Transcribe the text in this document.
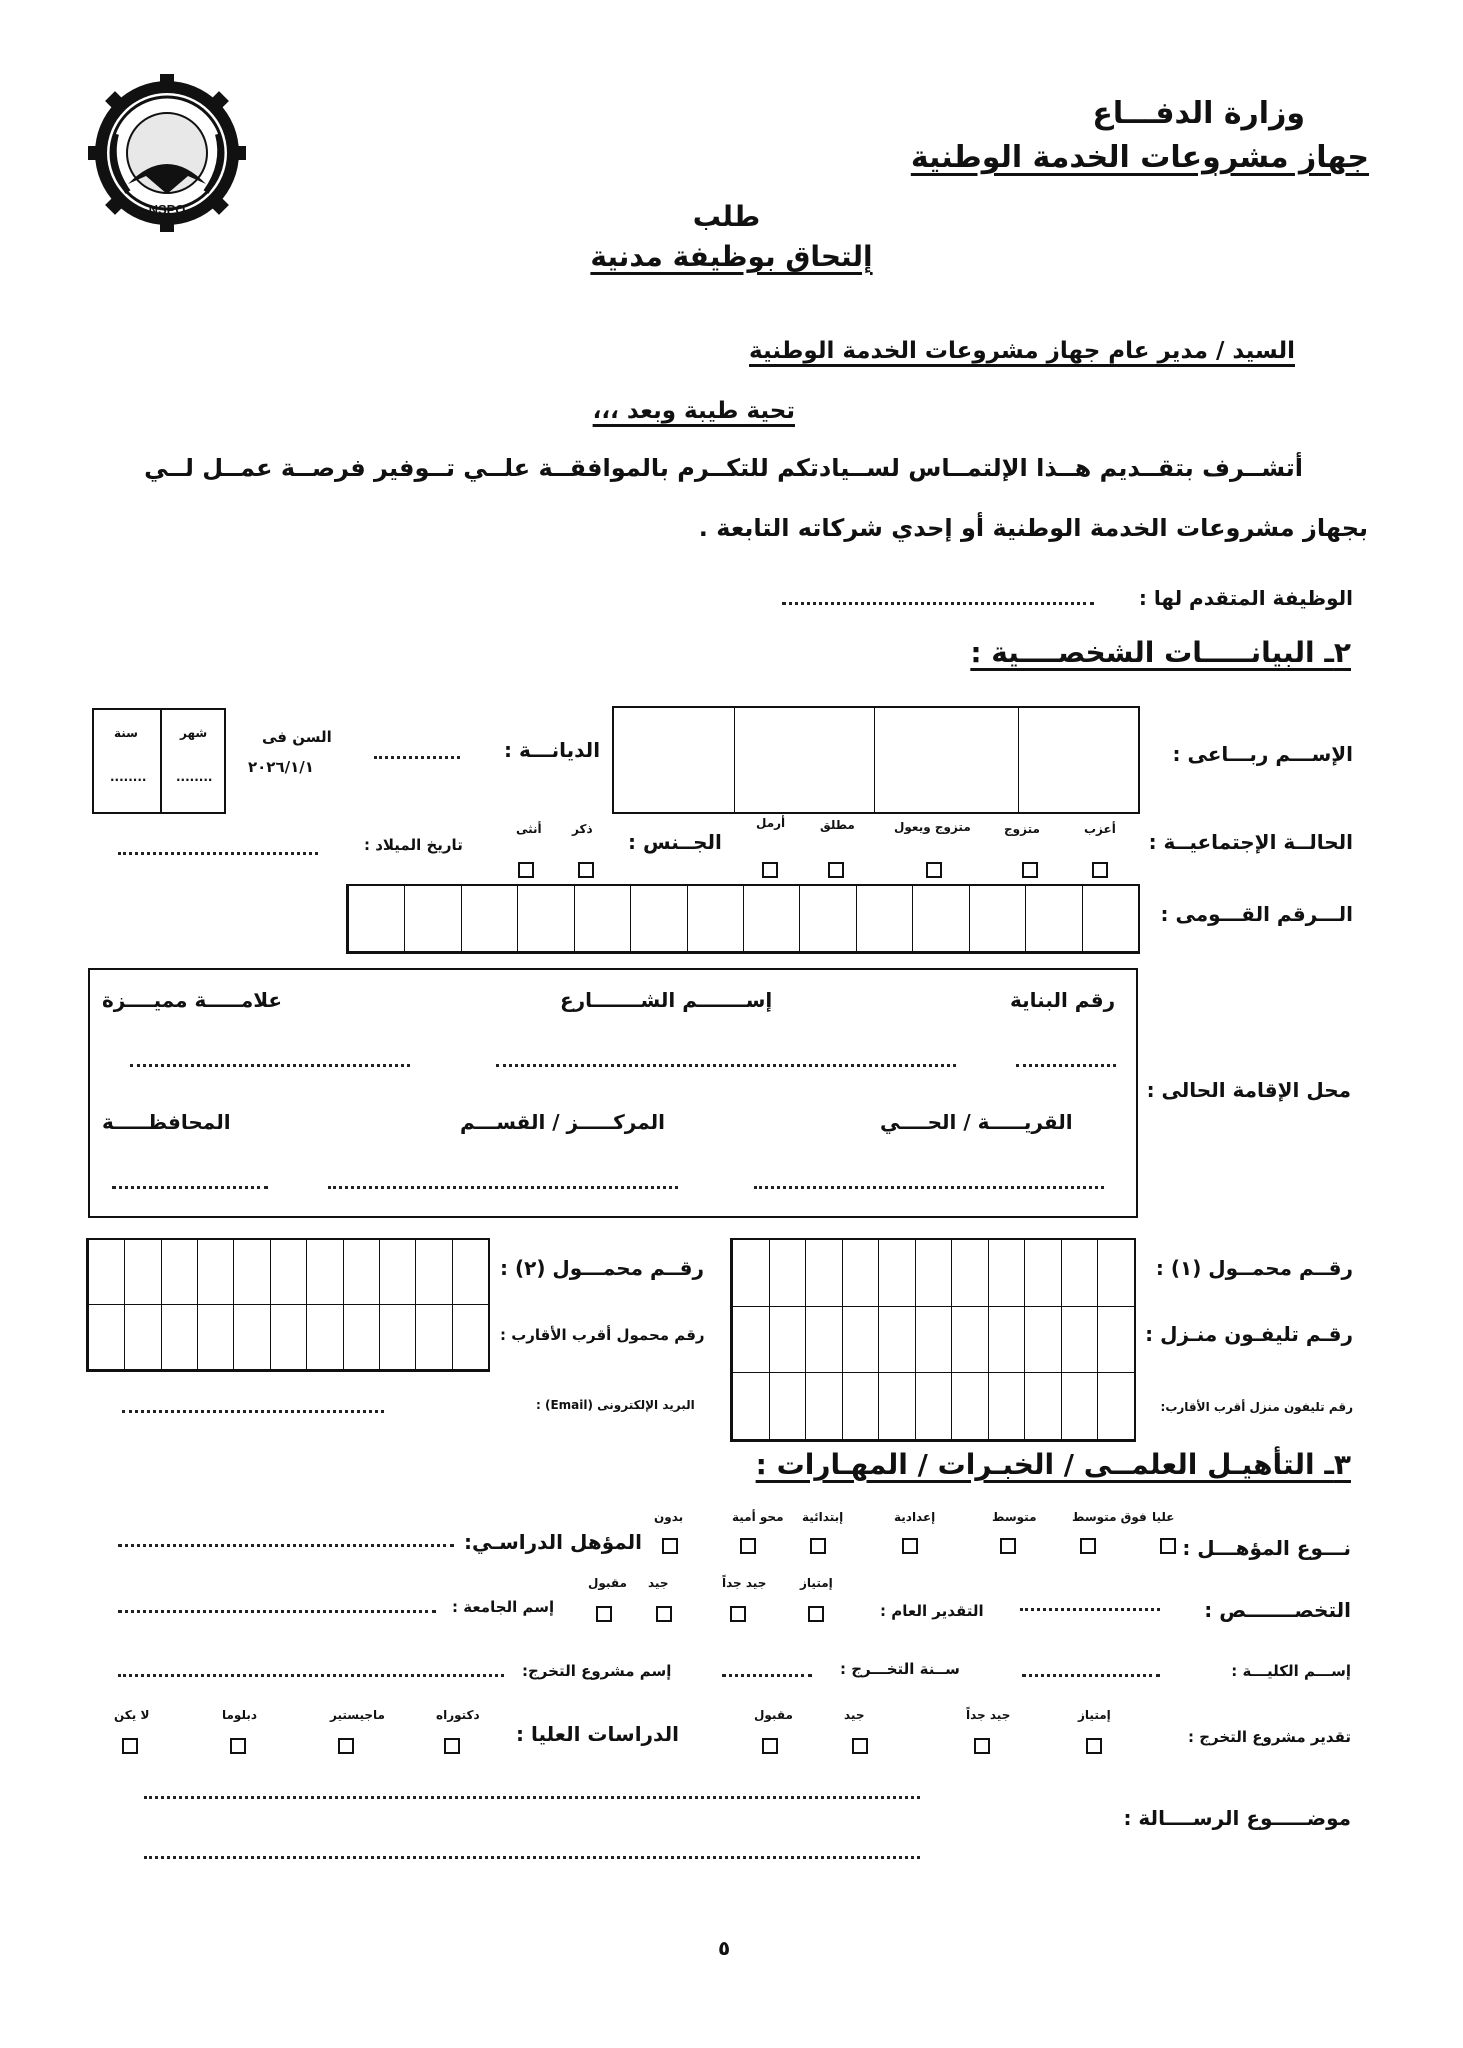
NSPO
وزارة الدفـــاع
جهاز مشروعات الخدمة الوطنية
طلب
إلتحاق بوظيفة مدنية
السيد / مدير عام جهاز مشروعات الخدمة الوطنية
تحية طيبة وبعد ،،،
أتشــرف بتقــديم هــذا الإلتمــاس لســيادتكم للتكــرم بالموافقــة علــي تــوفير فرصــة عمــل لــي
بجهاز مشروعات الخدمة الوطنية أو إحدي شركاته التابعة .
الوظيفة المتقدم لها :
٢ـ البيانـــــات الشخصــــية :
سنة	شهر
........ ........
السن فى
٢٠٢٦/١/١
الديانـــة :	الإســـم ربـــاعى :
الحالــة الإجتماعيــة :
أعزب
متزوج
متزوج ويعول
مطلق
أرمل
الجــنس :
ذكر
أنثى
تاريخ الميلاد :
الـــرقم القـــومى :
محل الإقامة الحالى :
رقم البناية
إســـــــم الشـــــــارع
علامـــــة مميــــزة
القريـــــة / الحــــي
المركـــــز / القســـم
المحافظـــــة
رقــم محمــول (١) :
رقـم تليفـون منـزل :
رقم تليفون منزل أقرب الأقارب:
رقــم محمـــول (٢) :
رقم محمول أقرب الأقارب :
البريد الإلكترونى (Email) :
٣ـ التأهيـل العلمــى / الخبـرات / المهـارات :
نـــوع المؤهـــل :
عليا
فوق متوسط
متوسط
إعدادية
إبتدائية
محو أمية
بدون
المؤهل الدراسـي:
التخصـــــــص :
التقدير العام :
إمتياز
جيد جداً
جيد
مقبول
إسم الجامعة :
إســـم الكليـــة :
ســنة التخـــرج :
إسم مشروع التخرج:
تقدير مشروع التخرج :
إمتياز
جيد جداً
جيد
مقبول
الدراسات العليا :
دكتوراه
ماجيستير
دبلوما
لا يكن
موضـــــوع الرســــالة :
٥
